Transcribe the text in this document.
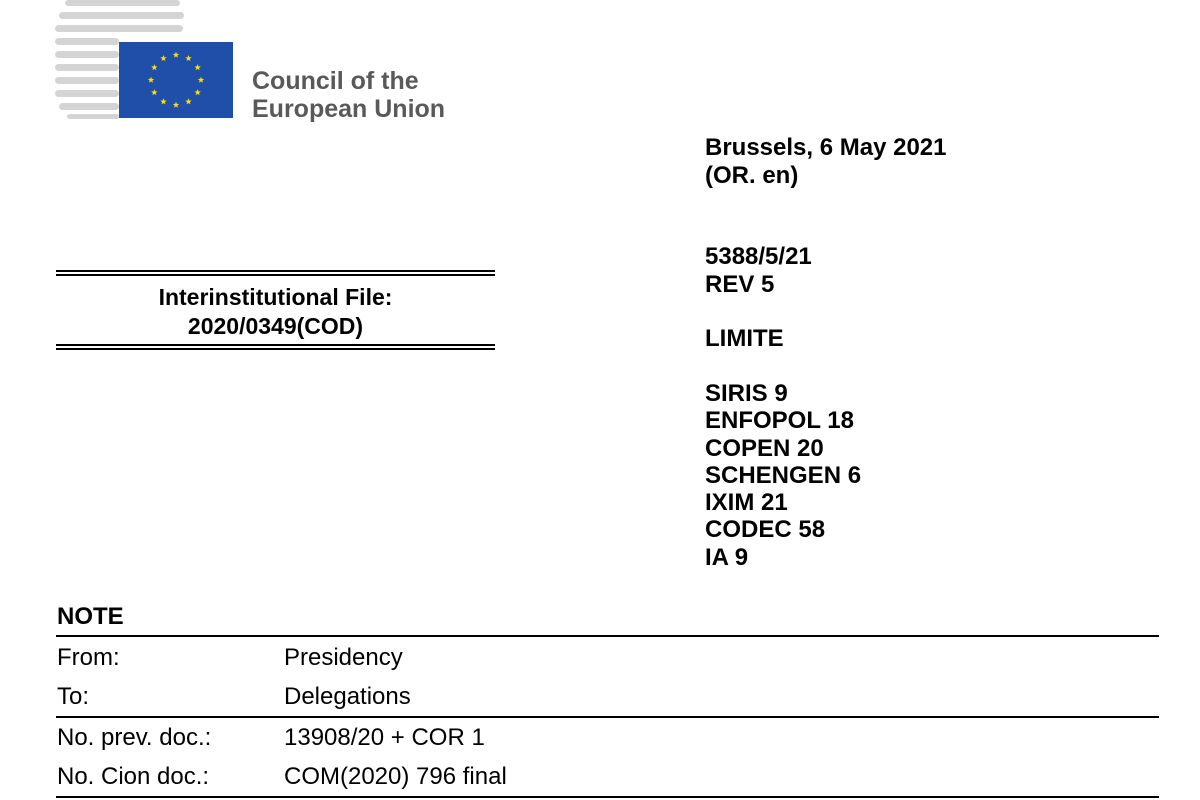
Council of the
European Union
Brussels, 6 May 2021
(OR. en)
5388/5/21
REV 5
LIMITE
SIRIS 9
ENFOPOL 18
COPEN 20
SCHENGEN 6
IXIM 21
CODEC 58
IA 9
Interinstitutional File:
2020/0349(COD)
NOTE
From:	Presidency
To:	Delegations
No. prev. doc.:	13908/20 + COR 1
No. Cion doc.:	COM(2020) 796 final
